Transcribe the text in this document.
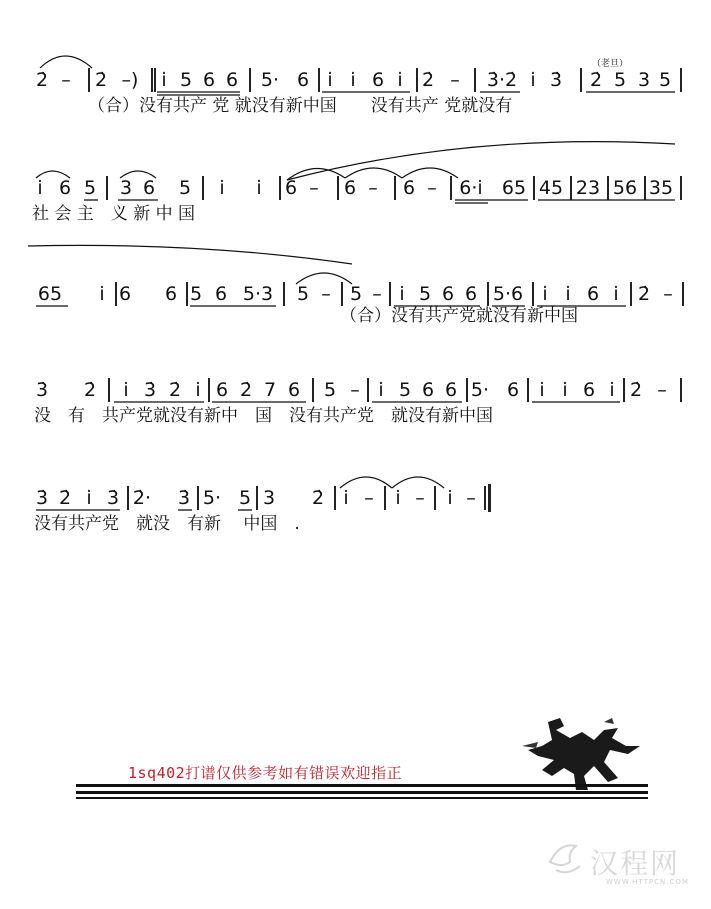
2̇ – 2̇ –) i̇ 5 6 6 5· 6 i̇ i̇ 6 i̇ 2̇ – 3̇·2̇ i̇ 3̇ 2̇ 5 3 5
（老旦）
（合）没有共产 党 就没有新中国　　没有共产 党就没有
i̇ 6 5 3 6 5 i̇ i̇ 6 – 6 – 6 – 6·i̇ 65 45 23 56 35
社 会 主　义 新 中 国
65 i̇ 6 6 5 6 5·3 5 – 5 – i̇ 5 6 6 5·6 i̇ i̇ 6 i̇ 2̇ –
（合）没有共产党就没有新中国
3̇ 2̇ i̇ 3̇ 2̇ i̇ 6 2̇ 7 6 5 – i̇ 5 6 6 5· 6 i̇ i̇ 6 i̇ 2̇ –
没　有　共产党就没有新中　国　没有共产党　就没有新中国
3̇ 2̇ i̇ 3̇ 2̇· 3̇ 5· 5 3 2̇ i̇ – i̇ – i̇ –
没有共产党　就没　有新　 中国　.
1sq402打谱仅供参考如有错误欢迎指正
汉程网
WWW.HTTPCN.COM
